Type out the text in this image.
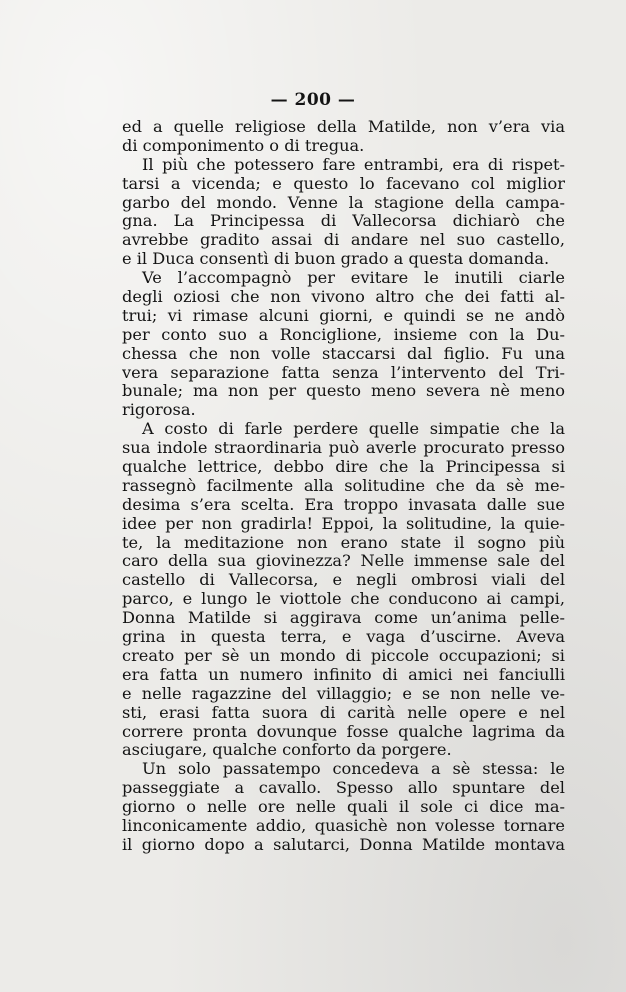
— 200 —
ed a quelle religiose della Matilde, non v’era via
di componimento o di tregua.
Il più che potessero fare entrambi, era di rispet-
tarsi a vicenda; e questo lo facevano col miglior
garbo del mondo. Venne la stagione della campa-
gna. La Principessa di Vallecorsa dichiarò che
avrebbe gradito assai di andare nel suo castello,
e il Duca consentì di buon grado a questa domanda.
Ve l’accompagnò per evitare le inutili ciarle
degli oziosi che non vivono altro che dei fatti al-
trui; vi rimase alcuni giorni, e quindi se ne andò
per conto suo a Ronciglione, insieme con la Du-
chessa che non volle staccarsi dal figlio. Fu una
vera separazione fatta senza l’intervento del Tri-
bunale; ma non per questo meno severa nè meno
rigorosa.
A costo di farle perdere quelle simpatie che la
sua indole straordinaria può averle procurato presso
qualche lettrice, debbo dire che la Principessa si
rassegnò facilmente alla solitudine che da sè me-
desima s’era scelta. Era troppo invasata dalle sue
idee per non gradirla! Eppoi, la solitudine, la quie-
te, la meditazione non erano state il sogno più
caro della sua giovinezza? Nelle immense sale del
castello di Vallecorsa, e negli ombrosi viali del
parco, e lungo le viottole che conducono ai campi,
Donna Matilde si aggirava come un’anima pelle-
grina in questa terra, e vaga d’uscirne. Aveva
creato per sè un mondo di piccole occupazioni; si
era fatta un numero infinito di amici nei fanciulli
e nelle ragazzine del villaggio; e se non nelle ve-
sti, erasi fatta suora di carità nelle opere e nel
correre pronta dovunque fosse qualche lagrima da
asciugare, qualche conforto da porgere.
Un solo passatempo concedeva a sè stessa: le
passeggiate a cavallo. Spesso allo spuntare del
giorno o nelle ore nelle quali il sole ci dice ma-
linconicamente addio, quasichè non volesse tornare
il giorno dopo a salutarci, Donna Matilde montava
